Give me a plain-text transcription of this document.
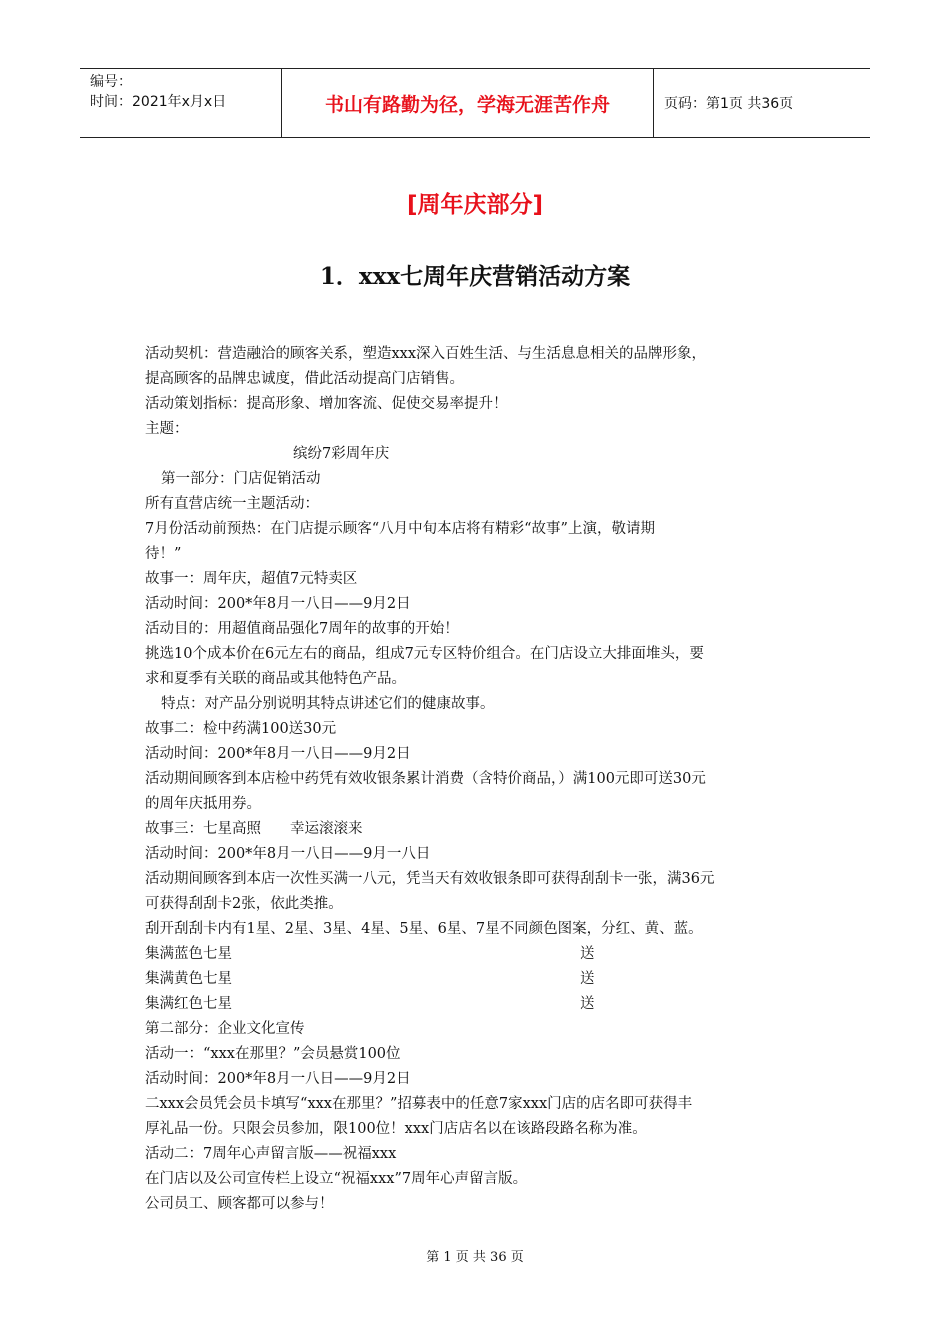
编号：
时间：2021年x月x日	书山有路勤为径，学海无涯苦作舟	页码：第1页 共36页
[周年庆部分]
1．xxx七周年庆营销活动方案
活动契机：营造融洽的顾客关系，塑造xxx深入百姓生活、与生活息息相关的品牌形象，
提高顾客的品牌忠诚度，借此活动提高门店销售。
活动策划指标：提高形象、增加客流、促使交易率提升！
主题：
缤纷7彩周年庆
第一部分：门店促销活动
所有直营店统一主题活动：
7月份活动前预热：在门店提示顾客“八月中旬本店将有精彩“故事”上演，敬请期
待！”
故事一：周年庆，超值7元特卖区
活动时间：200*年8月一八日——9月2日
活动目的：用超值商品强化7周年的故事的开始！
挑选10个成本价在6元左右的商品，组成7元专区特价组合。在门店设立大排面堆头，要
求和夏季有关联的商品或其他特色产品。
特点：对产品分别说明其特点讲述它们的健康故事。
故事二：检中药满100送30元
活动时间：200*年8月一八日——9月2日
活动期间顾客到本店检中药凭有效收银条累计消费（含特价商品，）满100元即可送30元
的周年庆抵用券。
故事三：七星高照　　幸运滚滚来
活动时间：200*年8月一八日——9月一八日
活动期间顾客到本店一次性买满一八元，凭当天有效收银条即可获得刮刮卡一张，满36元
可获得刮刮卡2张，依此类推。
刮开刮刮卡内有1星、2星、3星、4星、5星、6星、7星不同颜色图案，分红、黄、蓝。
集满蓝色七星	送
集满黄色七星	送
集满红色七星	送
第二部分：企业文化宣传
活动一：“xxx在那里？”会员悬赏100位
活动时间：200*年8月一八日——9月2日
二xxx会员凭会员卡填写“xxx在那里？”招募表中的任意7家xxx门店的店名即可获得丰
厚礼品一份。只限会员参加，限100位！xxx门店店名以在该路段路名称为准。
活动二：7周年心声留言版——祝福xxx
在门店以及公司宣传栏上设立“祝福xxx”7周年心声留言版。
公司员工、顾客都可以参与！
第 1 页 共 36 页
